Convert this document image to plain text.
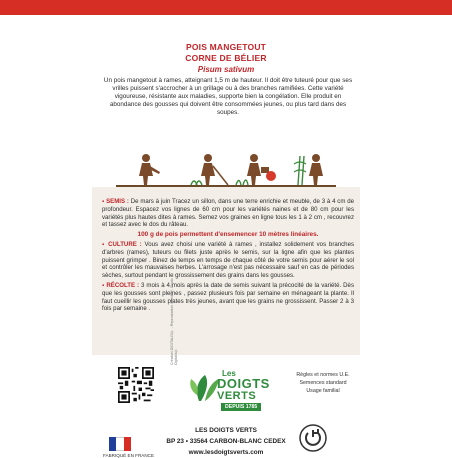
POIS MANGETOUT
CORNE DE BÉLIER
Pisum sativum
Un pois mangetout à rames, atteignant 1,5 m de hauteur. Il doit être tuteuré pour que ses vrilles puissent s'accrocher à un grillage ou à des branches ramifiées. Cette variété vigoureuse, résistante aux maladies, supporte bien la congélation. Elle produit en abondance des gousses qui doivent être consommées jeunes, ou plus tard dans des soupes.

▪ SEMIS : De mars à juin Tracez un sillon, dans une terre enrichie et meuble, de 3 à 4 cm de profondeur. Espacez vos lignes de 60 cm pour les variétés naines et de 80 cm pour les variétés plus hautes dites à rames. Semez vos graines en ligne tous les 1 à 2 cm , recouvrez et tassez avec le dos du râteau.

100 g de pois permettent d'ensemencer 10 mètres linéaires.

▪ CULTURE : Vous avez choisi une variété à rames , installez solidement vos branches d'arbres (rames), tuteurs ou filets juste après le semis, sur la ligne afin que les plantes puissent grimper . Binez de temps en temps de chaque côté de votre semis pour aérer le sol et contrôler les mauvaises herbes. L'arrosage n'est pas nécessaire sauf en cas de périodes sèches, surtout pendant le grossissement des grains dans les gousses.

▪ RÉCOLTE : 3 mois à 4 mois après la date de semis suivant la précocité de la variété. Dès que les gousses sont pleines , passez plusieurs fois par semaine en ménageant la plante. Il faut cueillir les gousses plates très jeunes, avant que les grains ne grossissent. Passer 2 à 3 fois par semaine .

FABRIQUÉ EN FRANCE
Les
DOIGTS
VERTS
DEPUIS 1785
LES DOIGTS VERTS
BP 23 • 33564 CARBON-BLANC CEDEX
www.lesdoigtsverts.com
Règles et normes U.E.
Semences standard
Usage familial
Création DIGITALIS® - Reproduction interdite - Photo Digitalis®
